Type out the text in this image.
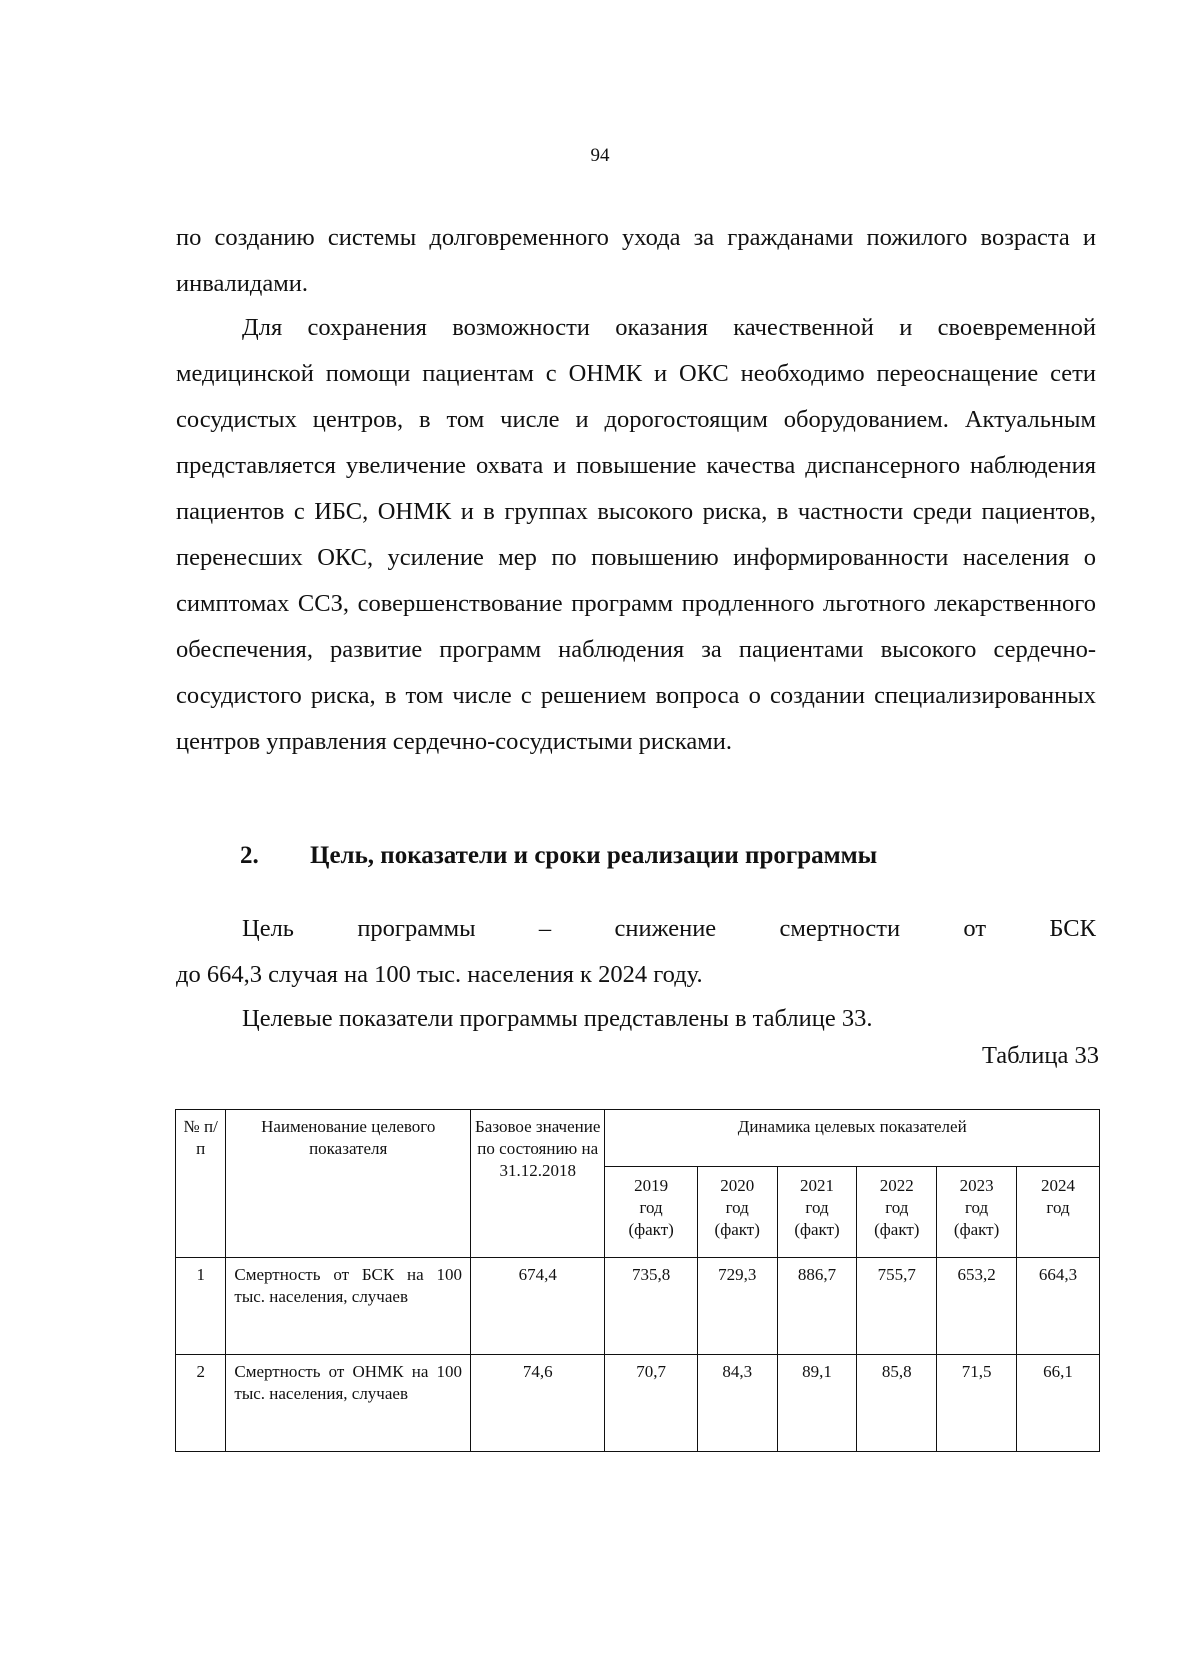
94

по созданию системы долговременного ухода за гражданами пожилого возраста и инвалидами.

Для сохранения возможности оказания качественной и своевременной медицинской помощи пациентам с ОНМК и ОКС необходимо переоснащение сети сосудистых центров, в том числе и дорогостоящим оборудованием. Актуальным представляется увеличение охвата и повышение качества диспансерного наблюдения пациентов с ИБС, ОНМК и в группах высокого риска, в частности среди пациентов, перенесших ОКС, усиление мер по повышению информированности населения о симптомах ССЗ, совершенствование программ продленного льготного лекарственного обеспечения, развитие программ наблюдения за пациентами высокого сердечно-сосудистого риска, в том числе с решением вопроса о создании специализированных центров управления сердечно-сосудистыми рисками.

2. Цель, показатели и сроки реализации программы

Цель программы – снижение смертности от БСК

до 664,3 случая на 100 тыс. населения к 2024 году.

Целевые показатели программы представлены в таблице 33.

Таблица 33
№ п/п	Наименование целевого показателя	Базовое значение по состоянию на 31.12.2018	Динамика целевых показателей					
			2019
год
(факт)	2020
год
(факт)	2021
год
(факт)	2022
год
(факт)	2023
год
(факт)	2024
год
1	Смертность от БСК на 100 тыс. населения, случаев	674,4	735,8	729,3	886,7	755,7	653,2	664,3
2	Смертность от ОНМК на 100 тыс. населения, случаев	74,6	70,7	84,3	89,1	85,8	71,5	66,1
